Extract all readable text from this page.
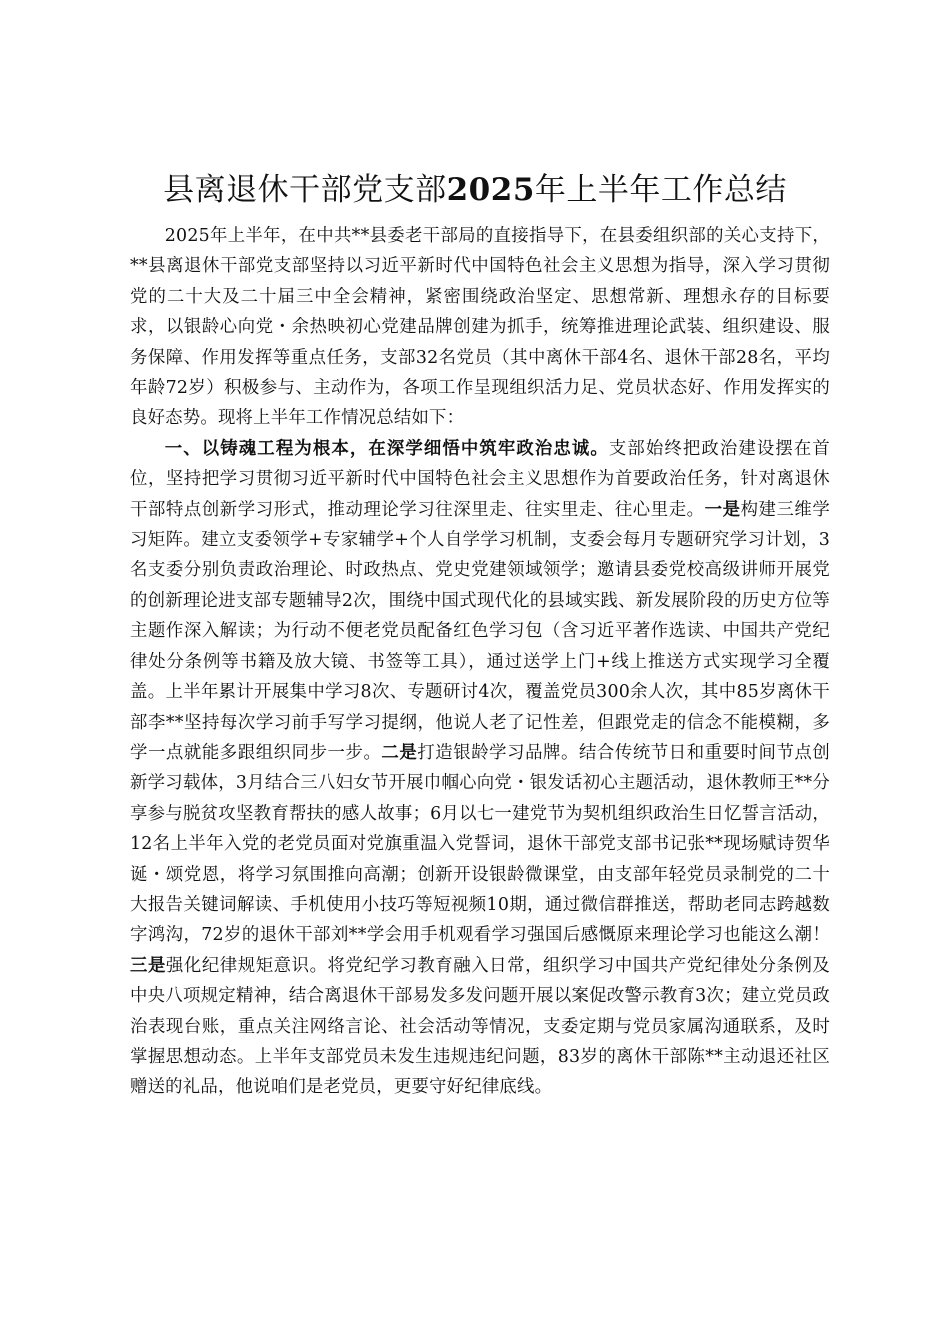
县离退休干部党支部2025年上半年工作总结

2025年上半年，在中共**县委老干部局的直接指导下，在县委组织部的关心支持下，**县离退休干部党支部坚持以习近平新时代中国特色社会主义思想为指导，深入学习贯彻党的二十大及二十届三中全会精神，紧密围绕政治坚定、思想常新、理想永存的目标要求，以银龄心向党・余热映初心党建品牌创建为抓手，统筹推进理论武装、组织建设、服务保障、作用发挥等重点任务，支部32名党员（其中离休干部4名、退休干部28名，平均年龄72岁）积极参与、主动作为，各项工作呈现组织活力足、党员状态好、作用发挥实的良好态势。现将上半年工作情况总结如下：

一、以铸魂工程为根本，在深学细悟中筑牢政治忠诚。支部始终把政治建设摆在首位，坚持把学习贯彻习近平新时代中国特色社会主义思想作为首要政治任务，针对离退休干部特点创新学习形式，推动理论学习往深里走、往实里走、往心里走。一是构建三维学习矩阵。建立支委领学+专家辅学+个人自学学习机制，支委会每月专题研究学习计划，3名支委分别负责政治理论、时政热点、党史党建领域领学；邀请县委党校高级讲师开展党的创新理论进支部专题辅导2次，围绕中国式现代化的县域实践、新发展阶段的历史方位等主题作深入解读；为行动不便老党员配备红色学习包（含习近平著作选读、中国共产党纪律处分条例等书籍及放大镜、书签等工具），通过送学上门+线上推送方式实现学习全覆盖。上半年累计开展集中学习8次、专题研讨4次，覆盖党员300余人次，其中85岁离休干部李**坚持每次学习前手写学习提纲，他说人老了记性差，但跟党走的信念不能模糊，多学一点就能多跟组织同步一步。二是打造银龄学习品牌。结合传统节日和重要时间节点创新学习载体，3月结合三八妇女节开展巾帼心向党・银发话初心主题活动，退休教师王**分享参与脱贫攻坚教育帮扶的感人故事；6月以七一建党节为契机组织政治生日忆誓言活动，12名上半年入党的老党员面对党旗重温入党誓词，退休干部党支部书记张**现场赋诗贺华诞・颂党恩，将学习氛围推向高潮；创新开设银龄微课堂，由支部年轻党员录制党的二十大报告关键词解读、手机使用小技巧等短视频10期，通过微信群推送，帮助老同志跨越数字鸿沟，72岁的退休干部刘**学会用手机观看学习强国后感慨原来理论学习也能这么潮！三是强化纪律规矩意识。将党纪学习教育融入日常，组织学习中国共产党纪律处分条例及中央八项规定精神，结合离退休干部易发多发问题开展以案促改警示教育3次；建立党员政治表现台账，重点关注网络言论、社会活动等情况，支委定期与党员家属沟通联系，及时掌握思想动态。上半年支部党员未发生违规违纪问题，83岁的离休干部陈**主动退还社区赠送的礼品，他说咱们是老党员，更要守好纪律底线。
